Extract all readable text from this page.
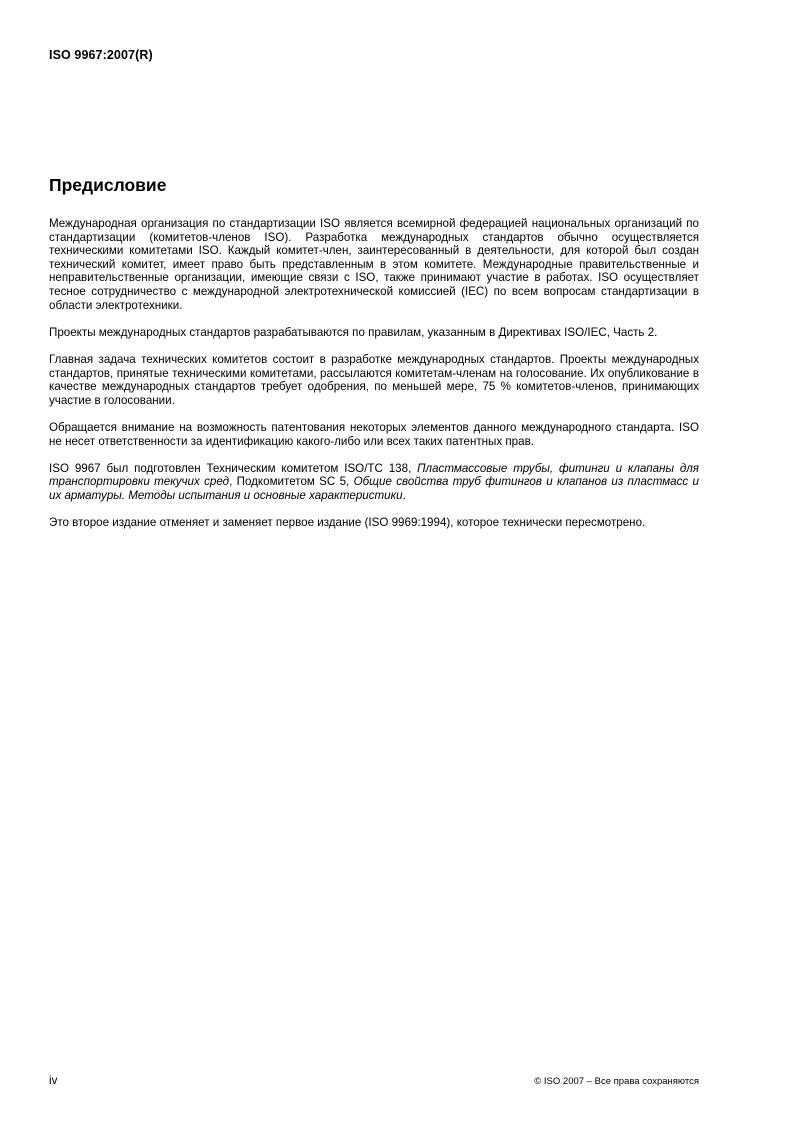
ISO 9967:2007(R)
Предисловие

Международная организация по стандартизации ISO является всемирной федерацией национальных организаций по стандартизации (комитетов-членов ISO). Разработка международных стандартов обычно осуществляется техническими комитетами ISO. Каждый комитет-член, заинтересованный в деятельности, для которой был создан технический комитет, имеет право быть представленным в этом комитете. Международные правительственные и неправительственные организации, имеющие связи с ISO, также принимают участие в работах. ISO осуществляет тесное сотрудничество с международной электротехнической комиссией (IEC) по всем вопросам стандартизации в области электротехники.

Проекты международных стандартов разрабатываются по правилам, указанным в Директивах ISO/IEC, Часть 2.

Главная задача технических комитетов состоит в разработке международных стандартов. Проекты международных стандартов, принятые техническими комитетами, рассылаются комитетам-членам на голосование. Их опубликование в качестве международных стандартов требует одобрения, по меньшей мере, 75 % комитетов-членов, принимающих участие в голосовании.

Обращается внимание на возможность патентования некоторых элементов данного международного стандарта. ISO не несет ответственности за идентификацию какого-либо или всех таких патентных прав.

ISO 9967 был подготовлен Техническим комитетом ISO/TC 138, Пластмассовые трубы, фитинги и клапаны для транспортировки текучих сред, Подкомитетом SC 5, Общие свойства труб фитингов и клапанов из пластмасс и их арматуры. Методы испытания и основные характеристики.

Это второе издание отменяет и заменяет первое издание (ISO 9969:1994), которое технически пересмотрено.

iv	© ISO 2007 – Все права сохраняются
